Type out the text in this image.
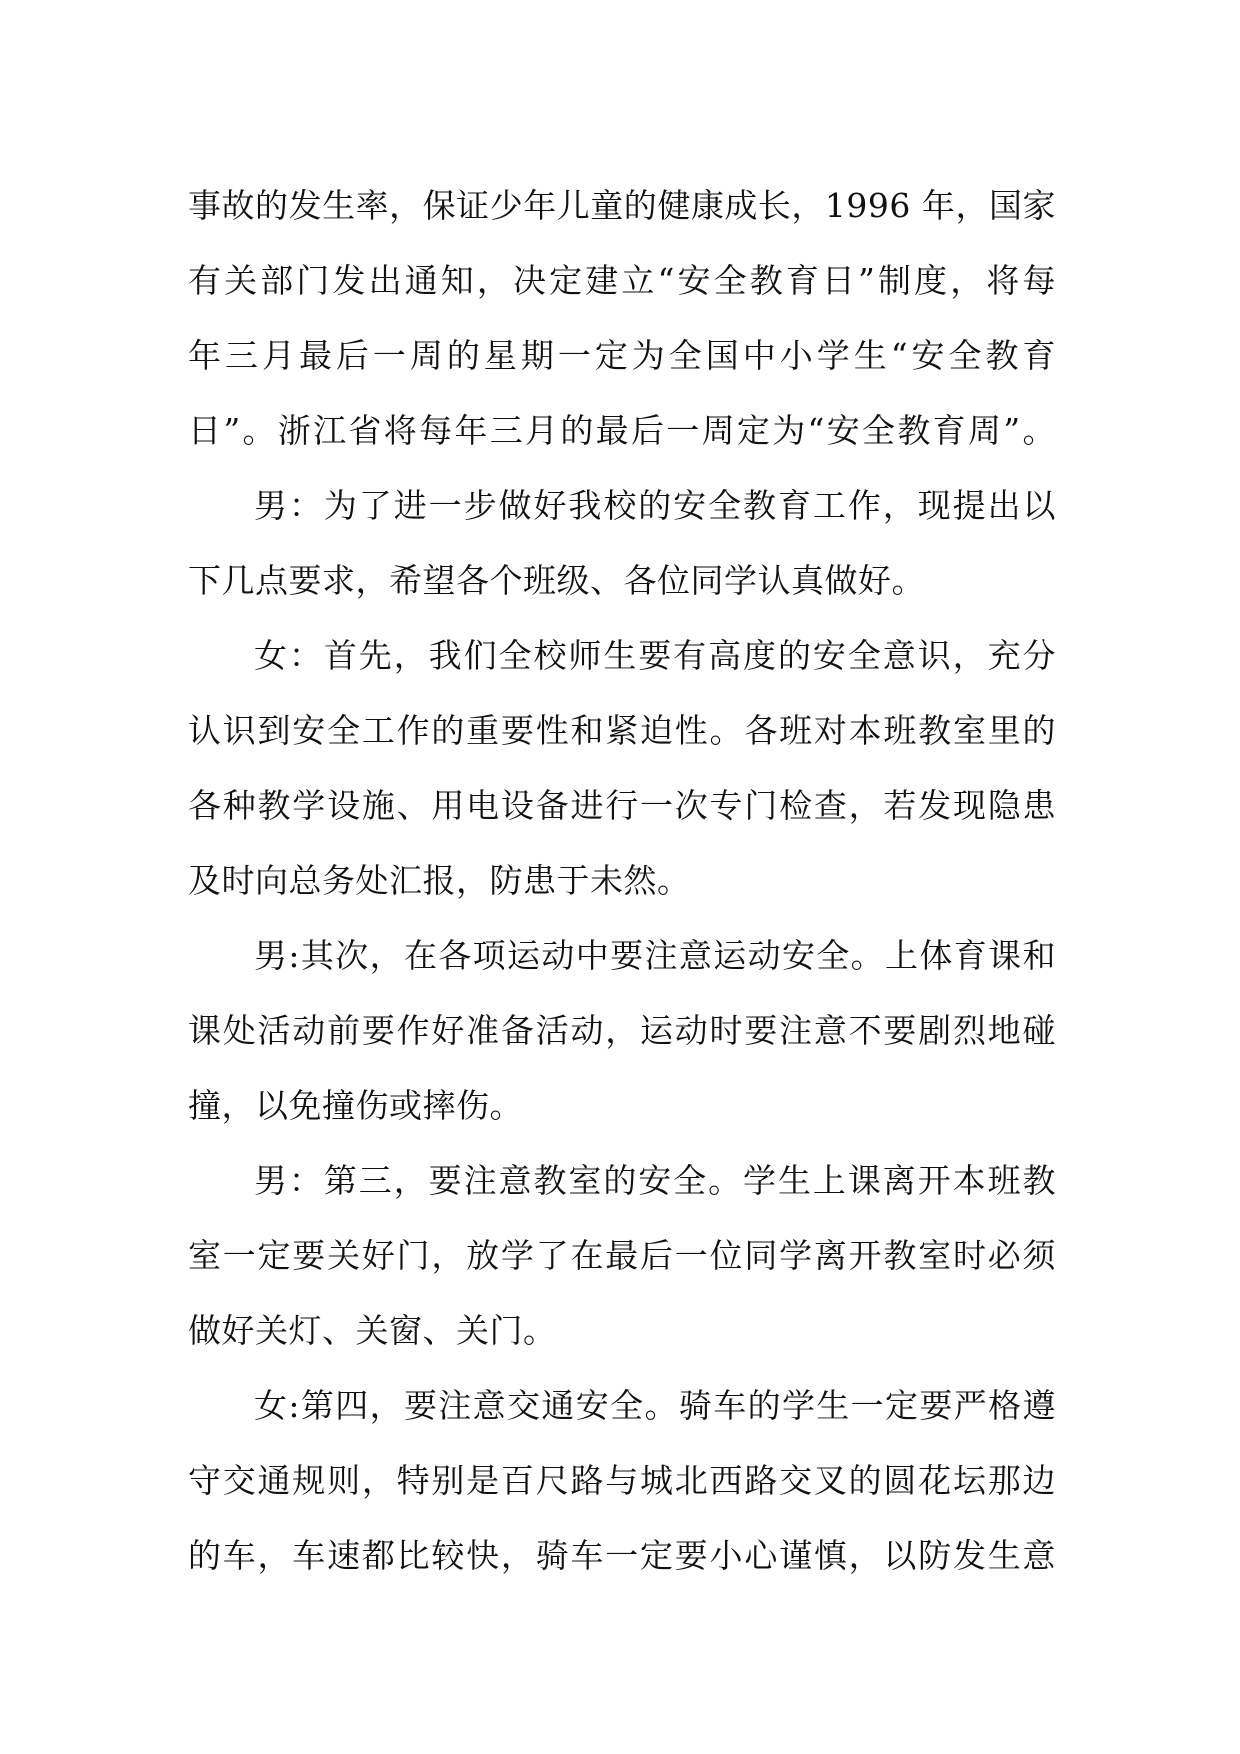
事故的发生率，保证少年儿童的健康成长，1996 年，国家
有关部门发出通知，决定建立“安全教育日”制度，将每
年三月最后一周的星期一定为全国中小学生“安全教育
日”。浙江省将每年三月的最后一周定为“安全教育周”。
男：为了进一步做好我校的安全教育工作，现提出以
下几点要求，希望各个班级、各位同学认真做好。
女：首先，我们全校师生要有高度的安全意识，充分
认识到安全工作的重要性和紧迫性。各班对本班教室里的
各种教学设施、用电设备进行一次专门检查，若发现隐患
及时向总务处汇报，防患于未然。
男:其次，在各项运动中要注意运动安全。上体育课和
课处活动前要作好准备活动，运动时要注意不要剧烈地碰
撞，以免撞伤或摔伤。
男：第三，要注意教室的安全。学生上课离开本班教
室一定要关好门，放学了在最后一位同学离开教室时必须
做好关灯、关窗、关门。
女:第四，要注意交通安全。骑车的学生一定要严格遵
守交通规则，特别是百尺路与城北西路交叉的圆花坛那边
的车，车速都比较快，骑车一定要小心谨慎，以防发生意
